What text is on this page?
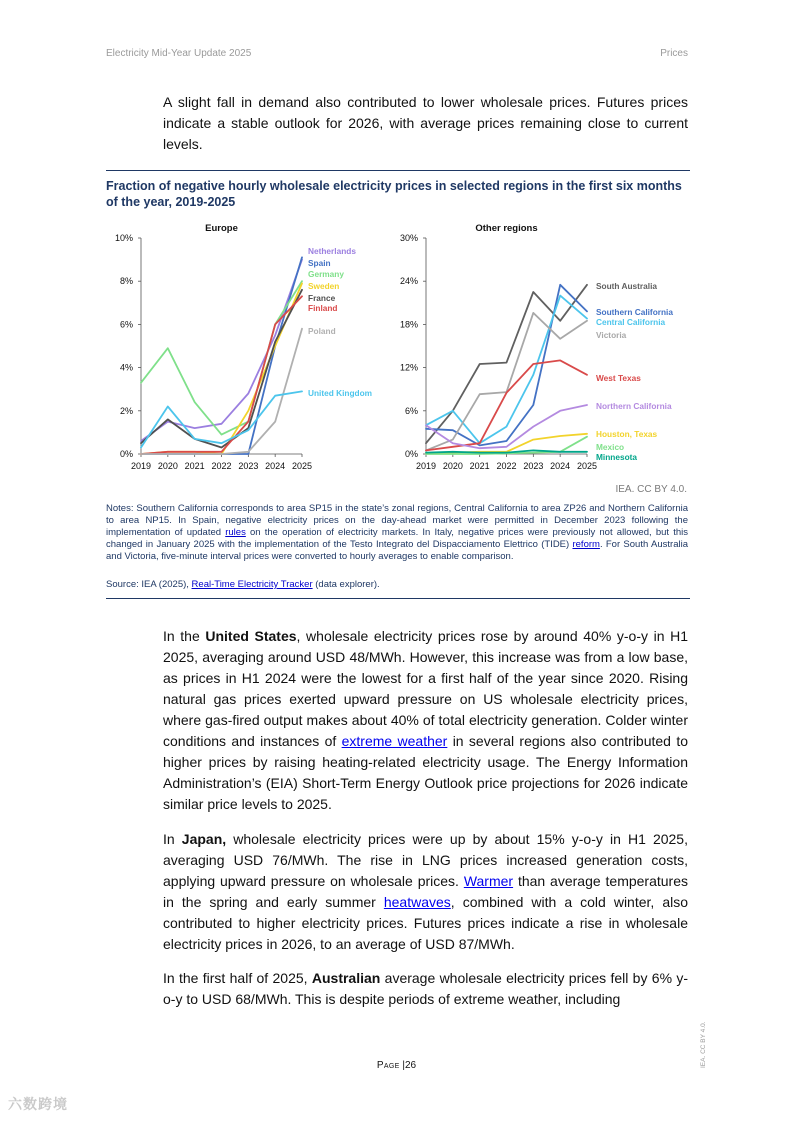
Electricity Mid-Year Update 2025	Prices

A slight fall in demand also contributed to lower wholesale prices. Futures prices indicate a stable outlook for 2026, with average prices remaining close to current levels.

Fraction of negative hourly wholesale electricity prices in selected regions in the first six months of the year, 2019-2025
Europe
0%
2%
4%
6%
8%
10%
2019 2020 2021 2022 2023 2024 2025
Netherlands
Spain
Germany
Sweden
France
Finland
Poland
United Kingdom
Other regions
0%
6%
12%
18%
24%
30%
2019 2020 2021 2022 2023 2024 2025
South Australia
Southern California
Central California
Victoria
West Texas
Northern California
Houston, Texas
Mexico
Minnesota
IEA. CC BY 4.0.
Notes: Southern California corresponds to area SP15 in the state’s zonal regions, Central California to area ZP26 and Northern California to area NP15. In Spain, negative electricity prices on the day-ahead market were permitted in December 2023 following the implementation of updated rules on the operation of electricity markets. In Italy, negative prices were previously not allowed, but this changed in January 2025 with the implementation of the Testo Integrato del Dispacciamento Elettrico (TIDE) reform. For South Australia and Victoria, five-minute interval prices were converted to hourly averages to enable comparison.
Source: IEA (2025), Real-Time Electricity Tracker (data explorer).

In the United States, wholesale electricity prices rose by around 40% y-o-y in H1 2025, averaging around USD 48/MWh. However, this increase was from a low base, as prices in H1 2024 were the lowest for a first half of the year since 2020. Rising natural gas prices exerted upward pressure on US wholesale electricity prices, where gas-fired output makes about 40% of total electricity generation. Colder winter conditions and instances of extreme weather in several regions also contributed to higher prices by raising heating-related electricity usage. The Energy Information Administration’s (EIA) Short-Term Energy Outlook price projections for 2026 indicate similar price levels to 2025.

In Japan, wholesale electricity prices were up by about 15% y-o-y in H1 2025, averaging USD 76/MWh. The rise in LNG prices increased generation costs, applying upward pressure on wholesale prices. Warmer than average temperatures in the spring and early summer heatwaves, combined with a cold winter, also contributed to higher electricity prices. Futures prices indicate a rise in wholesale electricity prices in 2026, to an average of USD 87/MWh.

In the first half of 2025, Australian average wholesale electricity prices fell by 6% y-o-y to USD 68/MWh. This is despite periods of extreme weather, including

Page |26	IEA. CC BY 4.0.
六数跨境
